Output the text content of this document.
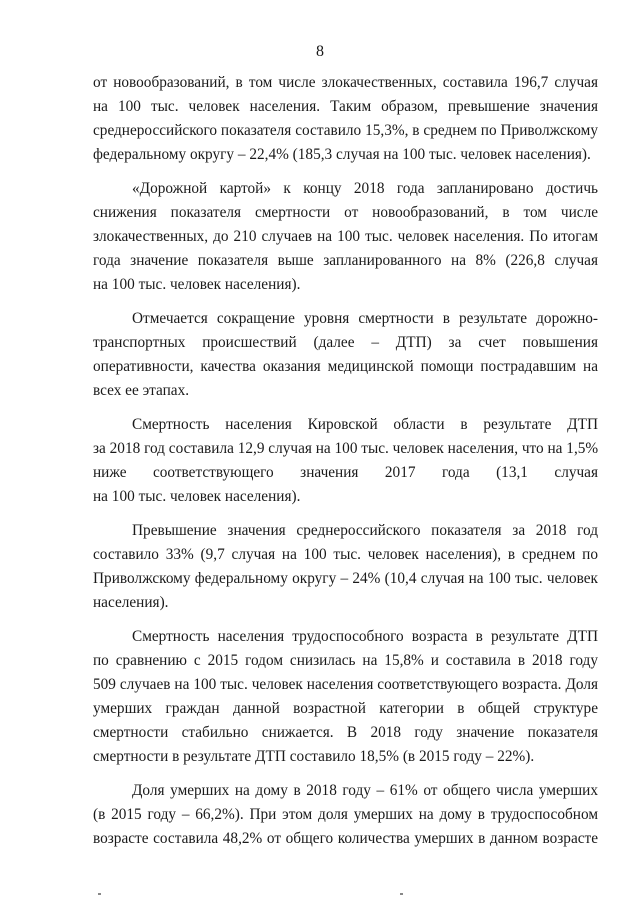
8
от новообразований, в том числе злокачественных, составила 196,7 случая
на 100 тыс. человек населения. Таким образом, превышение значения
среднероссийского показателя составило 15,3%, в среднем по Приволжскому
федеральному округу – 22,4% (185,3 случая на 100 тыс. человек населения).
«Дорожной картой» к концу 2018 года запланировано достичь
снижения показателя смертности от новообразований, в том числе
злокачественных, до 210 случаев на 100 тыс. человек населения. По итогам
года значение показателя выше запланированного на 8% (226,8 случая
на 100 тыс. человек населения).
Отмечается сокращение уровня смертности в результате дорожно-
транспортных происшествий (далее – ДТП) за счет повышения
оперативности, качества оказания медицинской помощи пострадавшим на
всех ее этапах.
Смертность населения Кировской области в результате ДТП
за 2018 год составила 12,9 случая на 100 тыс. человек населения, что на 1,5%
ниже соответствующего значения 2017 года (13,1 случая
на 100 тыс. человек населения).
Превышение значения среднероссийского показателя за 2018 год
составило 33% (9,7 случая на 100 тыс. человек населения), в среднем по
Приволжскому федеральному округу – 24% (10,4 случая на 100 тыс. человек
населения).
Смертность населения трудоспособного возраста в результате ДТП
по сравнению с 2015 годом снизилась на 15,8% и составила в 2018 году
509 случаев на 100 тыс. человек населения соответствующего возраста. Доля
умерших граждан данной возрастной категории в общей структуре
смертности стабильно снижается. В 2018 году значение показателя
смертности в результате ДТП составило 18,5% (в 2015 году – 22%).
Доля умерших на дому в 2018 году – 61% от общего числа умерших
(в 2015 году – 66,2%). При этом доля умерших на дому в трудоспособном
возрасте составила 48,2% от общего количества умерших в данном возрасте
